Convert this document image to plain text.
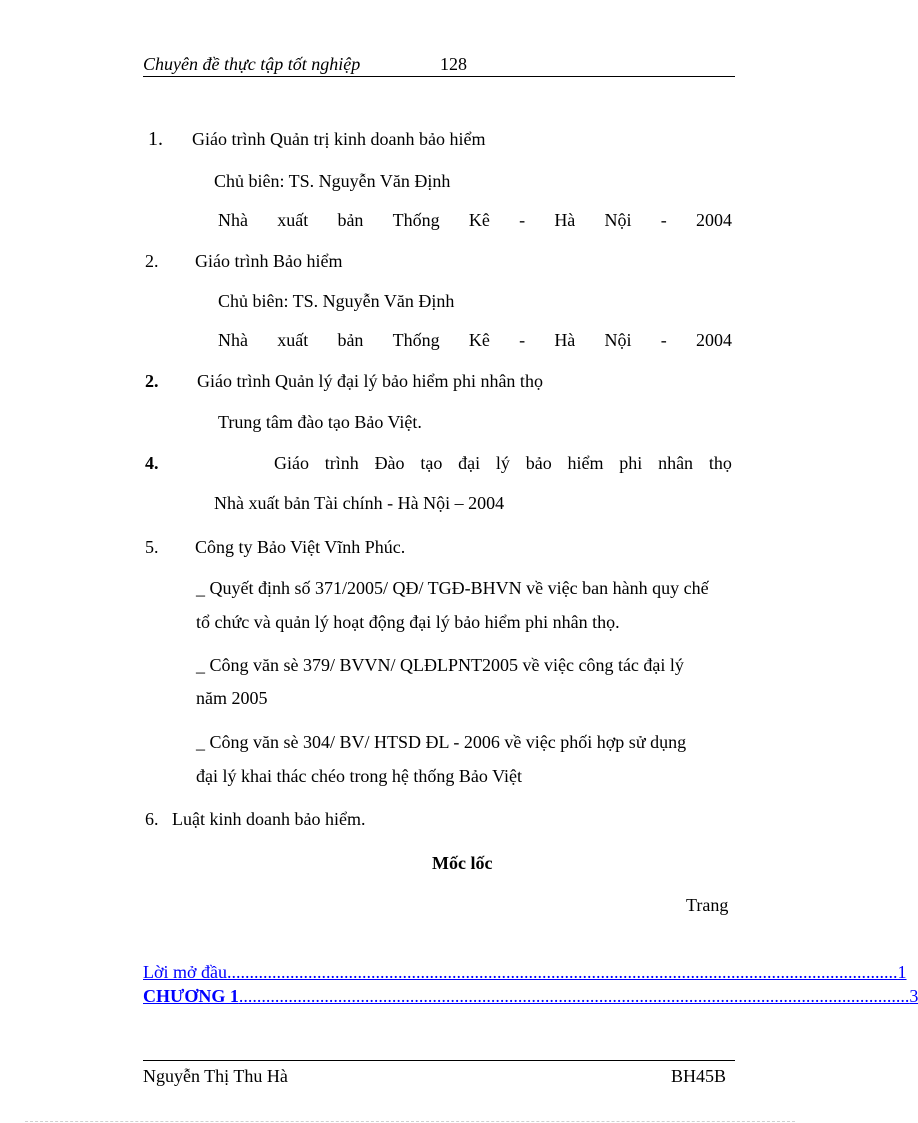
Chuyên đề thực tập tốt nghiệp	128
1. Giáo trình Quản trị kinh doanh bảo hiểm
Chủ biên: TS. Nguyễn Văn Định
Nhà xuất bản Thống Kê - Hà Nội - 2004
2. Giáo trình Bảo hiểm
Chủ biên: TS. Nguyễn Văn Định
Nhà xuất bản Thống Kê - Hà Nội - 2004
2. Giáo trình Quản lý đại lý bảo hiểm phi nhân thọ
Trung tâm đào tạo Bảo Việt.
4.	Giáo trình Đào tạo đại lý bảo hiểm phi nhân thọ
Nhà xuất bản Tài chính - Hà Nội – 2004
5. Công ty Bảo Việt Vĩnh Phúc.
_ Quyết định số 371/2005/ QĐ/ TGĐ-BHVN về việc ban hành quy chế
tổ chức và quản lý hoạt động đại lý bảo hiểm phi nhân thọ.
_ Công văn sè 379/ BVVN/ QLĐLPNT2005 về việc công tác đại lý
năm 2005
_ Công văn sè 304/ BV/ HTSD ĐL - 2006 về việc phối hợp sử dụng
đại lý khai thác chéo trong hệ thống Bảo Việt
6. Luật kinh doanh bảo hiểm.
Mốc lốc
Trang
Lời mở đầu ..................................................................................................................................................... 1
CHƯƠNG 1 ..................................................................................................................................................... 3
Nguyễn Thị Thu Hà	BH45B
